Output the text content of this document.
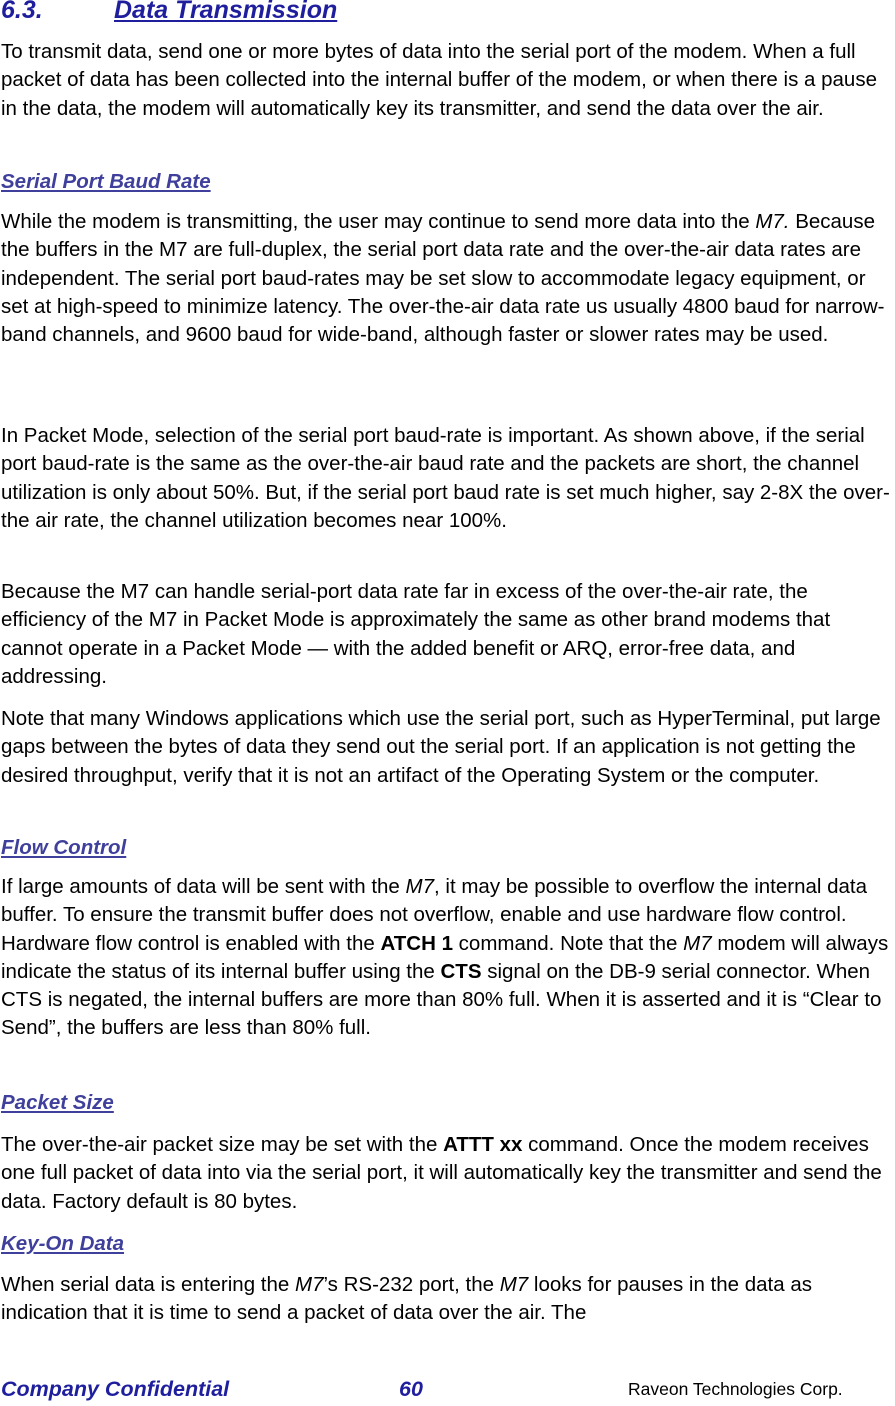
6.3.	Data Transmission
To transmit data, send one or more bytes of data into the serial port of the modem. When a full packet of data has been collected into the internal buffer of the modem, or when there is a pause in the data, the modem will automatically key its transmitter, and send the data over the air.
Serial Port Baud Rate
While the modem is transmitting, the user may continue to send more data into the M7. Because the buffers in the M7 are full-duplex, the serial port data rate and the over-the-air data rates are independent. The serial port baud-rates may be set slow to accommodate legacy equipment, or set at high-speed to minimize latency. The over-the-air data rate us usually 4800 baud for narrow-band channels, and 9600 baud for wide-band, although faster or slower rates may be used.
In Packet Mode, selection of the serial port baud-rate is important. As shown above, if the serial port baud-rate is the same as the over-the-air baud rate and the packets are short, the channel utilization is only about 50%. But, if the serial port baud rate is set much higher, say 2-8X the over-the air rate, the channel utilization becomes near 100%.
Because the M7 can handle serial-port data rate far in excess of the over-the-air rate, the efficiency of the M7 in Packet Mode is approximately the same as other brand modems that cannot operate in a Packet Mode — with the added benefit or ARQ, error-free data, and addressing.
Note that many Windows applications which use the serial port, such as HyperTerminal, put large gaps between the bytes of data they send out the serial port. If an application is not getting the desired throughput, verify that it is not an artifact of the Operating System or the computer.
Flow Control
If large amounts of data will be sent with the M7, it may be possible to overflow the internal data buffer. To ensure the transmit buffer does not overflow, enable and use hardware flow control. Hardware flow control is enabled with the ATCH 1 command. Note that the M7 modem will always indicate the status of its internal buffer using the CTS signal on the DB-9 serial connector. When CTS is negated, the internal buffers are more than 80% full. When it is asserted and it is “Clear to Send”, the buffers are less than 80% full.
Packet Size
The over-the-air packet size may be set with the ATTT xx command. Once the modem receives one full packet of data into via the serial port, it will automatically key the transmitter and send the data. Factory default is 80 bytes.
Key-On Data
When serial data is entering the M7’s RS-232 port, the M7 looks for pauses in the data as indication that it is time to send a packet of data over the air. The
Company Confidential	60	Raveon Technologies Corp.
